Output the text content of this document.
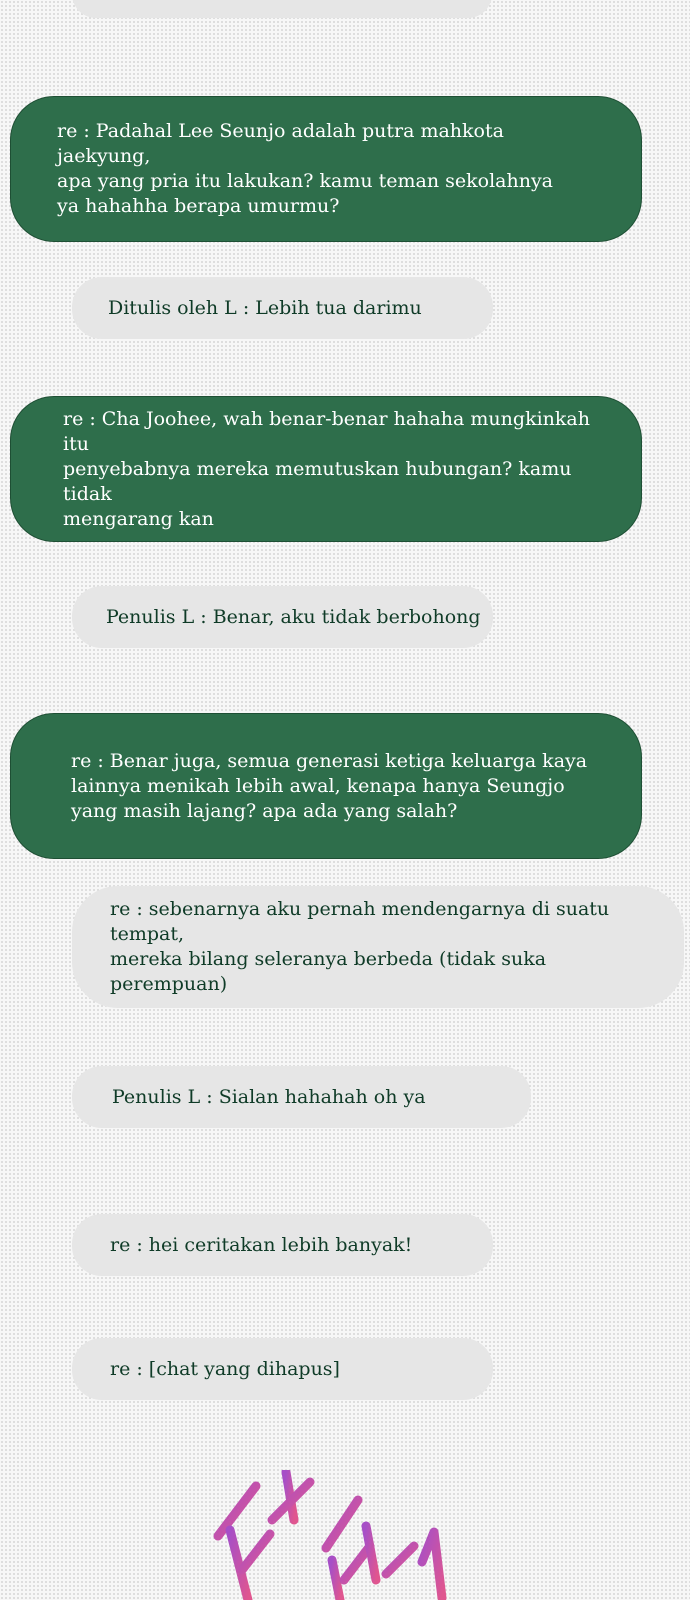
re : Padahal Lee Seunjo adalah putra mahkota jaekyung,
apa yang pria itu lakukan? kamu teman sekolahnya
ya hahahha berapa umurmu?
Ditulis oleh L : Lebih tua darimu
re : Cha Joohee, wah benar-benar hahaha mungkinkah itu
penyebabnya mereka memutuskan hubungan? kamu tidak
mengarang kan
Penulis L : Benar, aku tidak berbohong
re : Benar juga, semua generasi ketiga keluarga kaya
lainnya menikah lebih awal, kenapa hanya Seungjo
yang masih lajang? apa ada yang salah?
re : sebenarnya aku pernah mendengarnya di suatu tempat,
mereka bilang seleranya berbeda (tidak suka perempuan)
Penulis L : Sialan hahahah oh ya
re : hei ceritakan lebih banyak!
re : [chat yang dihapus]
